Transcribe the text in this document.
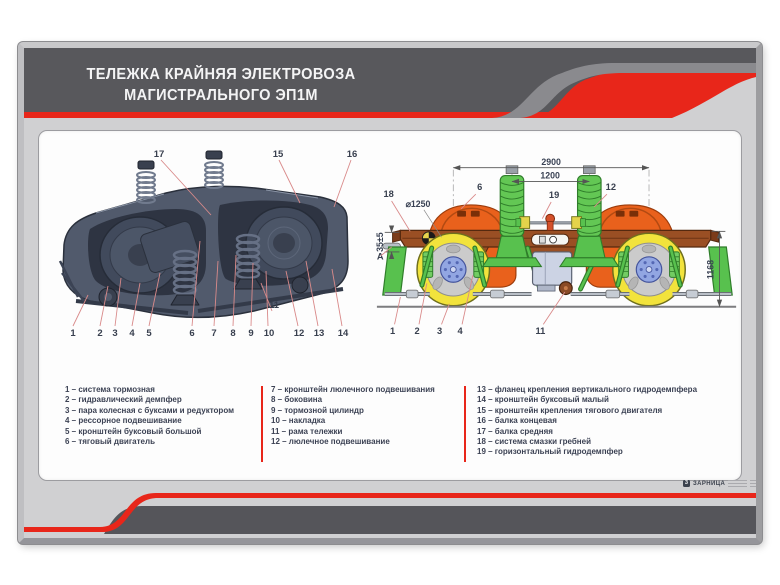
ТЕЛЕЖКА КРАЙНЯЯ ЭЛЕКТРОВОЗА
МАГИСТРАЛЬНОГО ЭП1М
17	15	16
1 2 3 4 5	6 7 8 9 10
11
12 13 14
2900
1200
⌀1250
35±5
1168
A
18
6
19
12
1 2 3 4	11
1 – система тормозная
2 – гидравлический демпфер
3 – пара колесная с буксами и редуктором
4 – рессорное подвешивание
5 – кронштейн буксовый большой
6 – тяговый двигатель
7 – кронштейн люлечного подвешивания
8 – боковина
9 – тормозной цилиндр
10 – накладка
11 – рама тележки
12 – люлечное подвешивание
13 – фланец крепления вертикального гидродемпфера
14 – кронштейн буксовый малый
15 – кронштейн крепления тягового двигателя
16 – балка концевая
17 – балка средняя
18 – система смазки гребней
19 – горизонтальный гидродемпфер
З ЗАРНИЦА
